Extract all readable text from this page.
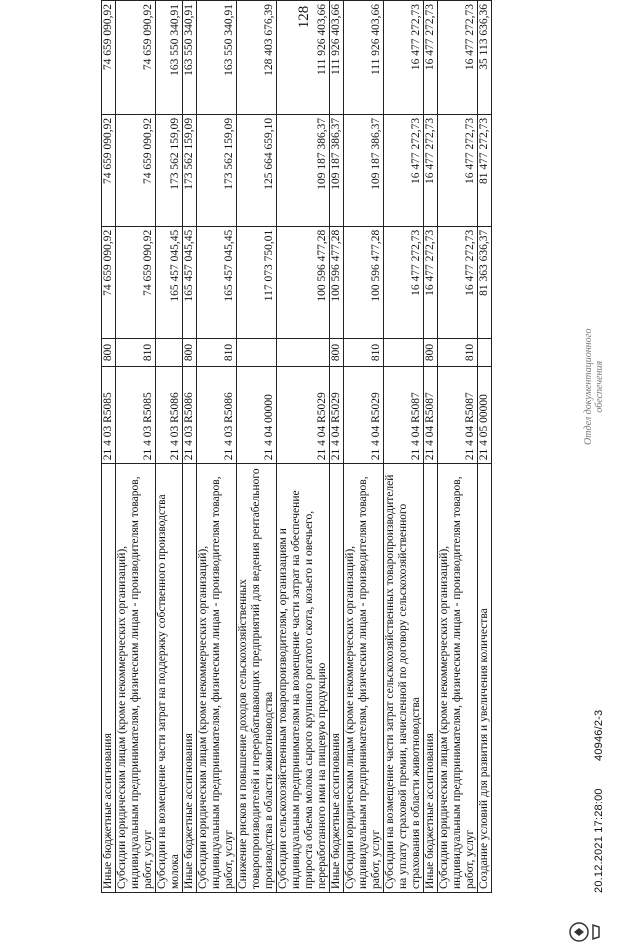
128
Иные бюджетные ассигнования	21 4 03 R5085	800	74 659 090,92	74 659 090,92	74 659 090,92
Субсидии юридическим лицам (кроме некоммерческих организаций), индивидуальным предпринимателям, физическим лицам - производителям товаров, работ, услуг	21 4 03 R5085	810	74 659 090,92	74 659 090,92	74 659 090,92
Субсидии на возмещение части затрат на поддержку собственного производства молока	21 4 03 R5086		165 457 045,45	173 562 159,09	163 550 340,91
Иные бюджетные ассигнования	21 4 03 R5086	800	165 457 045,45	173 562 159,09	163 550 340,91
Субсидии юридическим лицам (кроме некоммерческих организаций), индивидуальным предпринимателям, физическим лицам - производителям товаров, работ, услуг	21 4 03 R5086	810	165 457 045,45	173 562 159,09	163 550 340,91
Снижение рисков и повышение доходов сельскохозяйственных товаропроизводителей и перерабатывающих предприятий для ведения рентабельного производства в области животноводства	21 4 04 00000		117 073 750,01	125 664 659,10	128 403 676,39
Субсидии сельскохозяйственным товаропроизводителям, организациям и индивидуальным предпринимателям на возмещение части затрат на обеспечение прироста объема молока сырого крупного рогатого скота, козьего и овечьего, переработанного ими на пищевую продукцию	21 4 04 R5029		100 596 477,28	109 187 386,37	111 926 403,66
Иные бюджетные ассигнования	21 4 04 R5029	800	100 596 477,28	109 187 386,37	111 926 403,66
Субсидии юридическим лицам (кроме некоммерческих организаций), индивидуальным предпринимателям, физическим лицам - производителям товаров, работ, услуг	21 4 04 R5029	810	100 596 477,28	109 187 386,37	111 926 403,66
Субсидии на возмещение части затрат сельскохозяйственных товаропроизводителей на уплату страховой премии, начисленной по договору сельскохозяйственного страхования в области животноводства	21 4 04 R5087		16 477 272,73	16 477 272,73	16 477 272,73
Иные бюджетные ассигнования	21 4 04 R5087	800	16 477 272,73	16 477 272,73	16 477 272,73
Субсидии юридическим лицам (кроме некоммерческих организаций), индивидуальным предпринимателям, физическим лицам - производителям товаров, работ, услуг	21 4 04 R5087	810	16 477 272,73	16 477 272,73	16 477 272,73
Создание условий для развития и увеличения количества	21 4 05 00000		81 363 636,37	81 477 272,73	35 113 636,36
20.12.2021 17:28:00 40946/2-3
Отдел документационного обеспечения
